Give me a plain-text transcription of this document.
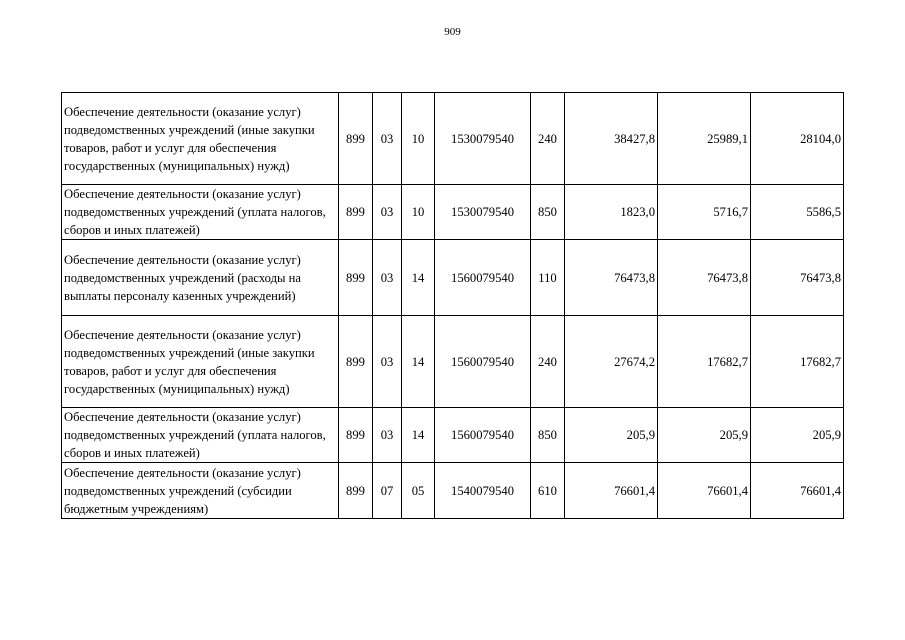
909
Обеспечение деятельности (оказание услуг) подведомственных учреждений (иные закупки товаров, работ и услуг для обеспечения государственных (муниципальных) нужд)	899	03	10	1530079540	240	38427,8	25989,1	28104,0
Обеспечение деятельности (оказание услуг) подведомственных учреждений (уплата налогов, сборов и иных платежей)	899	03	10	1530079540	850	1823,0	5716,7	5586,5
Обеспечение деятельности (оказание услуг) подведомственных учреждений (расходы на выплаты персоналу казенных учреждений)	899	03	14	1560079540	110	76473,8	76473,8	76473,8
Обеспечение деятельности (оказание услуг) подведомственных учреждений (иные закупки товаров, работ и услуг для обеспечения государственных (муниципальных) нужд)	899	03	14	1560079540	240	27674,2	17682,7	17682,7
Обеспечение деятельности (оказание услуг) подведомственных учреждений (уплата налогов, сборов и иных платежей)	899	03	14	1560079540	850	205,9	205,9	205,9
Обеспечение деятельности (оказание услуг) подведомственных учреждений (субсидии бюджетным учреждениям)	899	07	05	1540079540	610	76601,4	76601,4	76601,4
